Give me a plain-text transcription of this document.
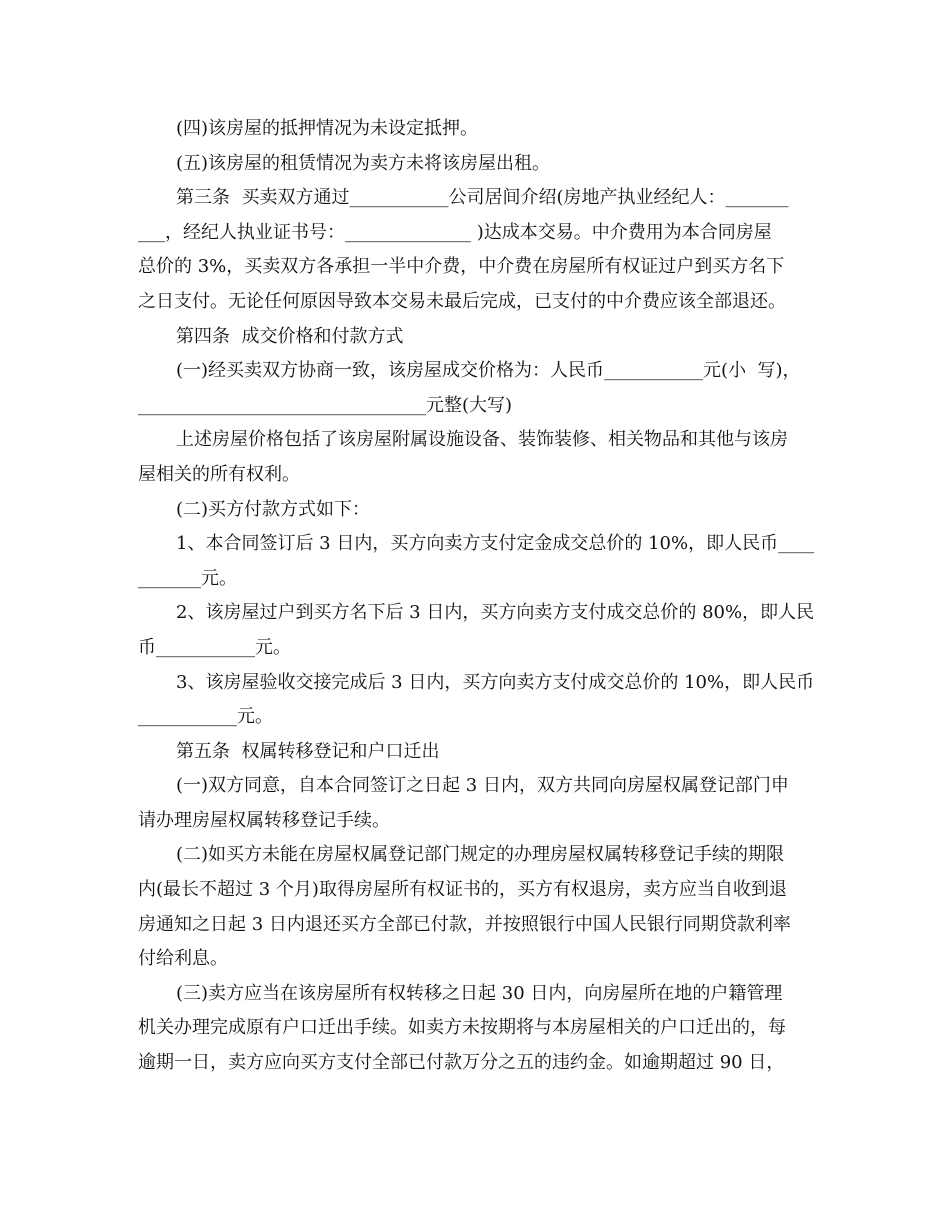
(四)该房屋的抵押情况为未设定抵押。
(五)该房屋的租赁情况为卖方未将该房屋出租。
第三条  买卖双方通过___________公司居间介绍(房地产执业经纪人：_______
___，经纪人执业证书号：______________ )达成本交易。中介费用为本合同房屋
总价的 3%，买卖双方各承担一半中介费，中介费在房屋所有权证过户到买方名下
之日支付。无论任何原因导致本交易未最后完成，已支付的中介费应该全部退还。
第四条  成交价格和付款方式
(一)经买卖双方协商一致，该房屋成交价格为：人民币___________元(小  写)，
________________________________元整(大写)
上述房屋价格包括了该房屋附属设施设备、装饰装修、相关物品和其他与该房
屋相关的所有权利。
(二)买方付款方式如下：
1、本合同签订后 3 日内，买方向卖方支付定金成交总价的 10%，即人民币____
_______元。
2、该房屋过户到买方名下后 3 日内，买方向卖方支付成交总价的 80%，即人民
币___________元。
3、该房屋验收交接完成后 3 日内，买方向卖方支付成交总价的 10%，即人民币
___________元。
第五条  权属转移登记和户口迁出
(一)双方同意，自本合同签订之日起 3 日内，双方共同向房屋权属登记部门申
请办理房屋权属转移登记手续。
(二)如买方未能在房屋权属登记部门规定的办理房屋权属转移登记手续的期限
内(最长不超过 3 个月)取得房屋所有权证书的，买方有权退房，卖方应当自收到退
房通知之日起 3 日内退还买方全部已付款，并按照银行中国人民银行同期贷款利率
付给利息。
(三)卖方应当在该房屋所有权转移之日起 30 日内，向房屋所在地的户籍管理
机关办理完成原有户口迁出手续。如卖方未按期将与本房屋相关的户口迁出的，每
逾期一日，卖方应向买方支付全部已付款万分之五的违约金。如逾期超过 90 日，
